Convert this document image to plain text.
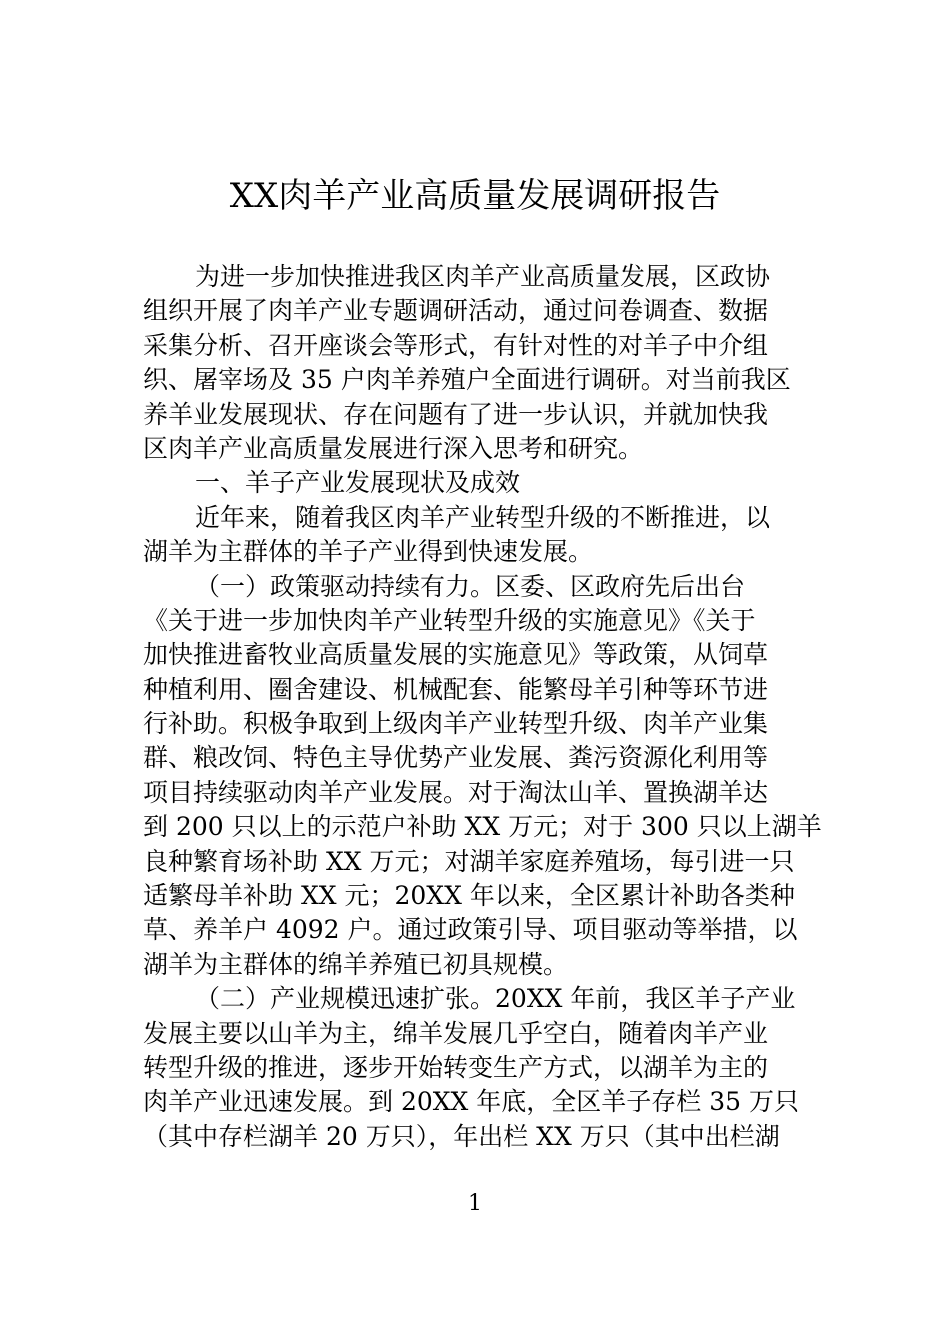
XX肉羊产业高质量发展调研报告
为进一步加快推进我区肉羊产业高质量发展，区政协
组织开展了肉羊产业专题调研活动，通过问卷调查、数据
采集分析、召开座谈会等形式，有针对性的对羊子中介组
织、屠宰场及 35 户肉羊养殖户全面进行调研。对当前我区
养羊业发展现状、存在问题有了进一步认识，并就加快我
区肉羊产业高质量发展进行深入思考和研究。
一、羊子产业发展现状及成效
近年来，随着我区肉羊产业转型升级的不断推进，以
湖羊为主群体的羊子产业得到快速发展。
（一）政策驱动持续有力。区委、区政府先后出台
《关于进一步加快肉羊产业转型升级的实施意见》《关于
加快推进畜牧业高质量发展的实施意见》等政策，从饲草
种植利用、圈舍建设、机械配套、能繁母羊引种等环节进
行补助。积极争取到上级肉羊产业转型升级、肉羊产业集
群、粮改饲、特色主导优势产业发展、粪污资源化利用等
项目持续驱动肉羊产业发展。对于淘汰山羊、置换湖羊达
到 200 只以上的示范户补助 XX 万元；对于 300 只以上湖羊
良种繁育场补助 XX 万元；对湖羊家庭养殖场，每引进一只
适繁母羊补助 XX 元；20XX 年以来，全区累计补助各类种
草、养羊户 4092 户。通过政策引导、项目驱动等举措，以
湖羊为主群体的绵羊养殖已初具规模。
（二）产业规模迅速扩张。20XX 年前，我区羊子产业
发展主要以山羊为主，绵羊发展几乎空白，随着肉羊产业
转型升级的推进，逐步开始转变生产方式，以湖羊为主的
肉羊产业迅速发展。到 20XX 年底，全区羊子存栏 35 万只
（其中存栏湖羊 20 万只），年出栏 XX 万只（其中出栏湖
1
